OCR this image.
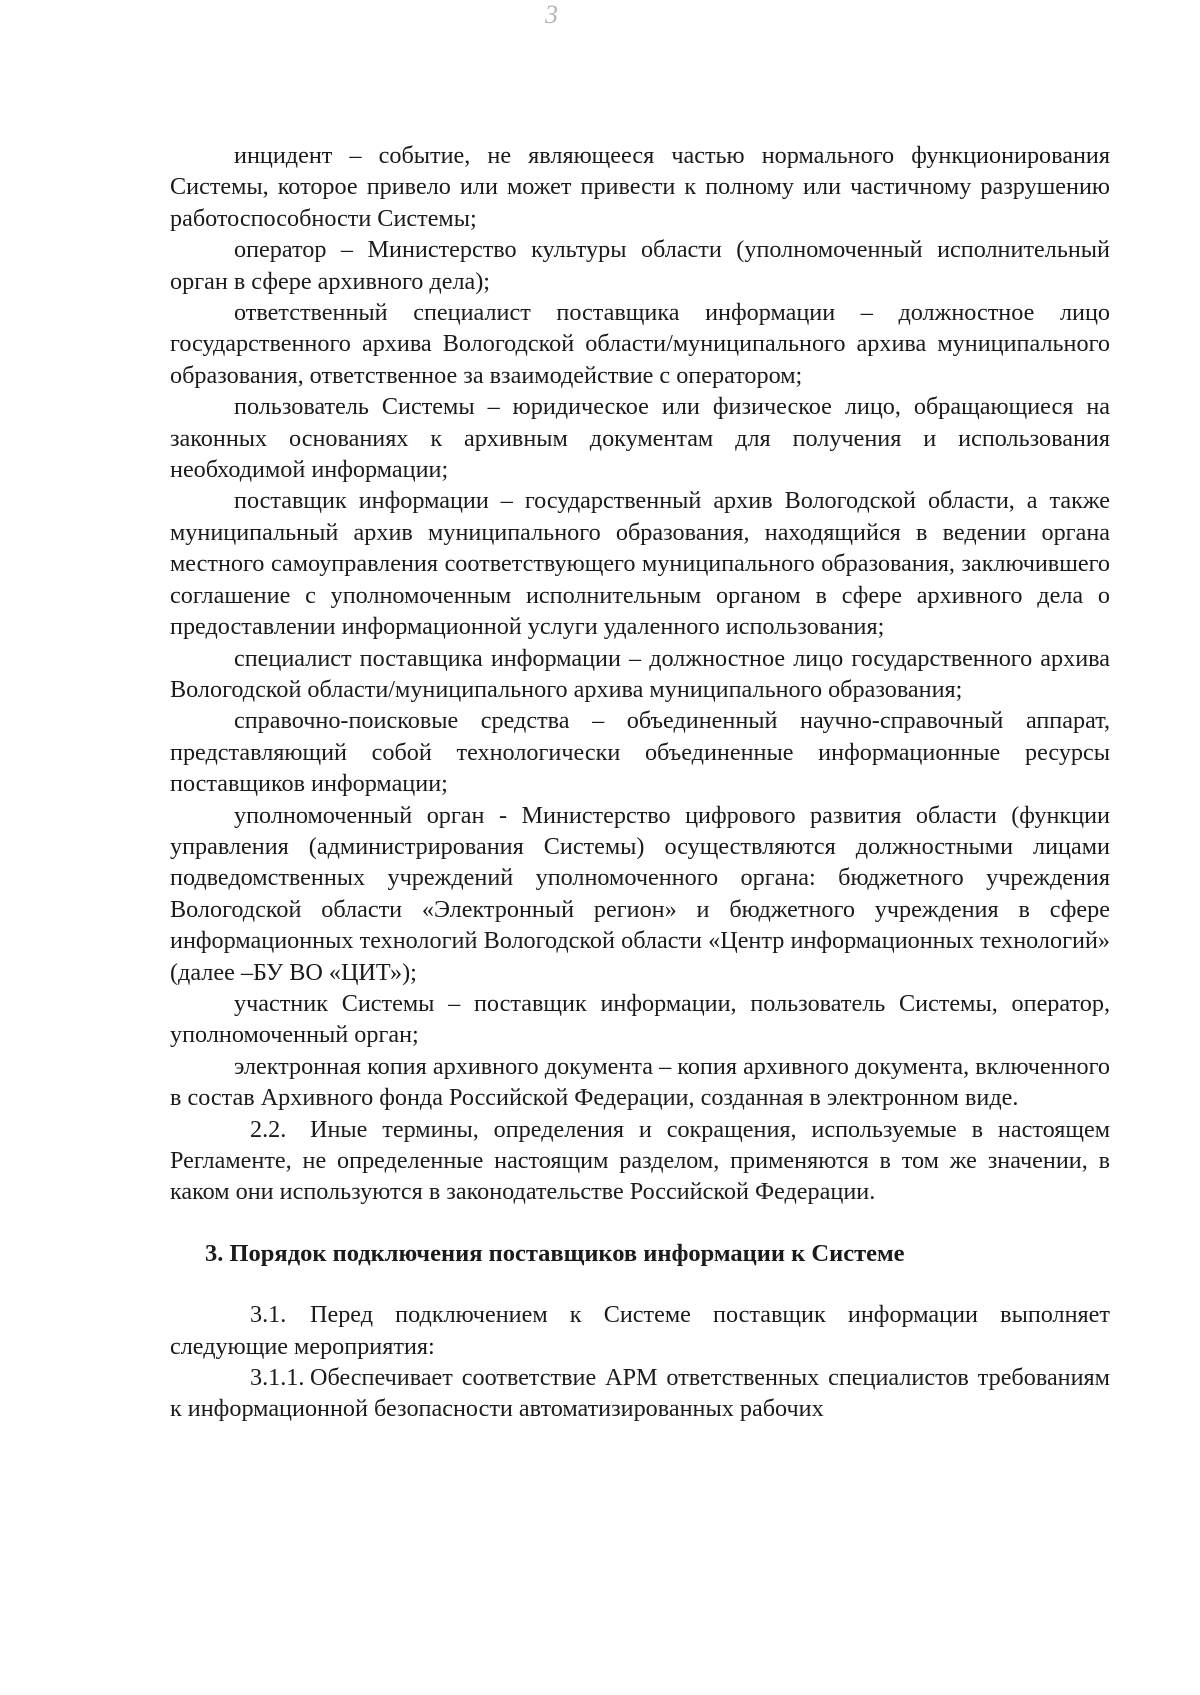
3

инцидент – событие, не являющееся частью нормального функционирования Системы, которое привело или может привести к полному или частичному разрушению работоспособности Системы;

оператор – Министерство культуры области (уполномоченный исполнительный орган в сфере архивного дела);

ответственный специалист поставщика информации – должностное лицо государственного архива Вологодской области/муниципального архива муниципального образования, ответственное за взаимодействие с оператором;

пользователь Системы – юридическое или физическое лицо, обращающиеся на законных основаниях к архивным документам для получения и использования необходимой информации;

поставщик информации – государственный архив Вологодской области, а также муниципальный архив муниципального образования, находящийся в ведении органа местного самоуправления соответствующего муниципального образования, заключившего соглашение с уполномоченным исполнительным органом в сфере архивного дела о предоставлении информационной услуги удаленного использования;

специалист поставщика информации – должностное лицо государственного архива Вологодской области/муниципального архива муниципального образования;

справочно-поисковые средства – объединенный научно-справочный аппарат, представляющий собой технологически объединенные информационные ресурсы поставщиков информации;

уполномоченный орган - Министерство цифрового развития области (функции управления (администрирования Системы) осуществляются должностными лицами подведомственных учреждений уполномоченного органа: бюджетного учреждения Вологодской области «Электронный регион» и бюджетного учреждения в сфере информационных технологий Вологодской области «Центр информационных технологий» (далее –БУ ВО «ЦИТ»);

участник Системы – поставщик информации, пользователь Системы, оператор, уполномоченный орган;

электронная копия архивного документа – копия архивного документа, включенного в состав Архивного фонда Российской Федерации, созданная в электронном виде.

2.2. Иные термины, определения и сокращения, используемые в настоящем Регламенте, не определенные настоящим разделом, применяются в том же значении, в каком они используются в законодательстве Российской Федерации.

3. Порядок подключения поставщиков информации к Системе

3.1. Перед подключением к Системе поставщик информации выполняет следующие мероприятия:

3.1.1. Обеспечивает соответствие АРМ ответственных специалистов требованиям к информационной безопасности автоматизированных рабочих
